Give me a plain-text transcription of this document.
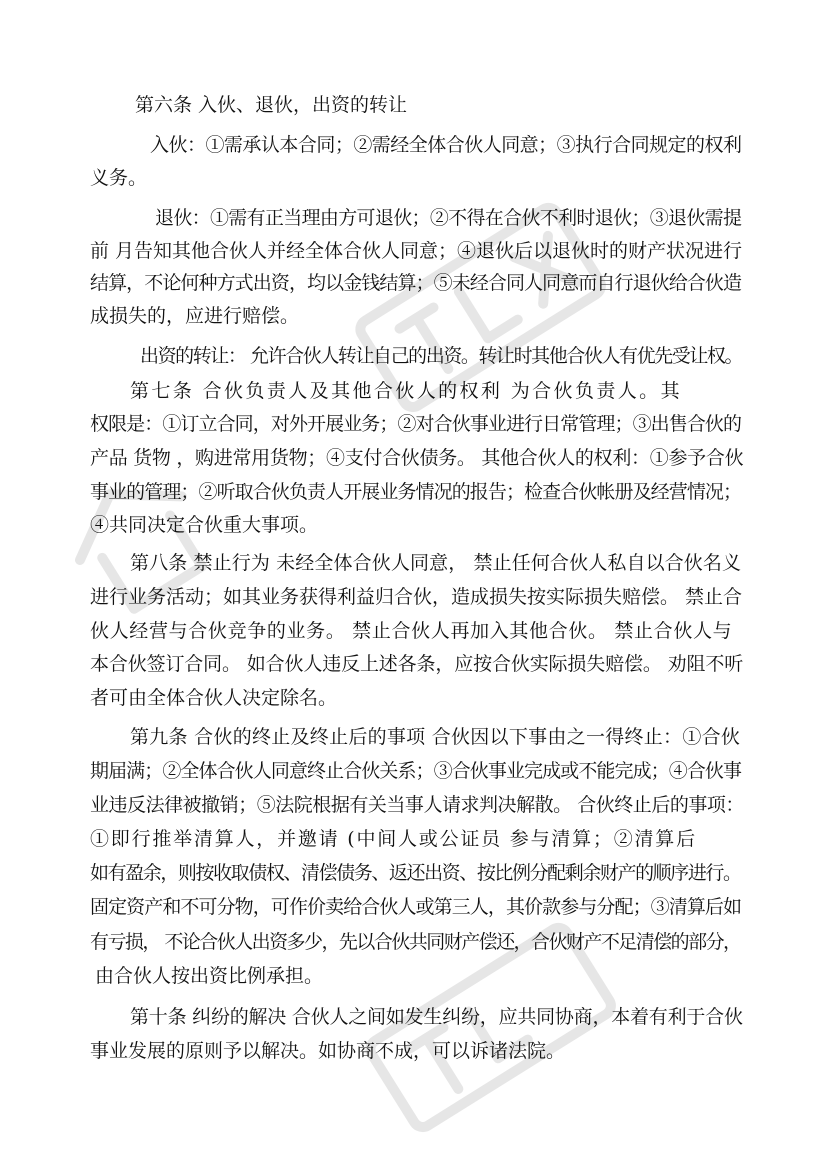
第六条 入伙、退伙，出资的转让
入伙：①需承认本合同；②需经全体合伙人同意；③执行合同规定的权利
义务。
退伙：①需有正当理由方可退伙；②不得在合伙不利时退伙；③退伙需提
前 月告知其他合伙人并经全体合伙人同意；④退伙后以退伙时的财产状况进行
结算，不论何种方式出资，均以金钱结算；⑤未经合同人同意而自行退伙给合伙造
成损失的，应进行赔偿。
出资的转让： 允许合伙人转让自己的出资。转让时其他合伙人有优先受让权。
第七条 合伙负责人及其他合伙人的权利 为合伙负责人。其
权限是：①订立合同，对外开展业务；②对合伙事业进行日常管理；③出售合伙的
产品 货物 ，购进常用货物；④支付合伙债务。 其他合伙人的权利：①参予合伙
事业的管理；②听取合伙负责人开展业务情况的报告；检查合伙帐册及经营情况；
④共同决定合伙重大事项。
第八条 禁止行为 未经全体合伙人同意， 禁止任何合伙人私自以合伙名义
进行业务活动；如其业务获得利益归合伙，造成损失按实际损失赔偿。 禁止合
伙人经营与合伙竞争的业务。 禁止合伙人再加入其他合伙。 禁止合伙人与
本合伙签订合同。 如合伙人违反上述各条，应按合伙实际损失赔偿。 劝阻不听
者可由全体合伙人决定除名。
第九条 合伙的终止及终止后的事项 合伙因以下事由之一得终止：①合伙
期届满；②全体合伙人同意终止合伙关系；③合伙事业完成或不能完成；④合伙事
业违反法律被撤销；⑤法院根据有关当事人请求判决解散。 合伙终止后的事项：
①即行推举清算人，并邀请 (中间人或公证员 参与清算；②清算后
如有盈余，则按收取债权、清偿债务、返还出资、按比例分配剩余财产的顺序进行。
固定资产和不可分物，可作价卖给合伙人或第三人，其价款参与分配；③清算后如
有亏损， 不论合伙人出资多少，先以合伙共同财产偿还，合伙财产不足清偿的部分，
由合伙人按出资比例承担。
第十条 纠纷的解决 合伙人之间如发生纠纷，应共同协商，本着有利于合伙
事业发展的原则予以解决。如协商不成，可以诉诸法院。
